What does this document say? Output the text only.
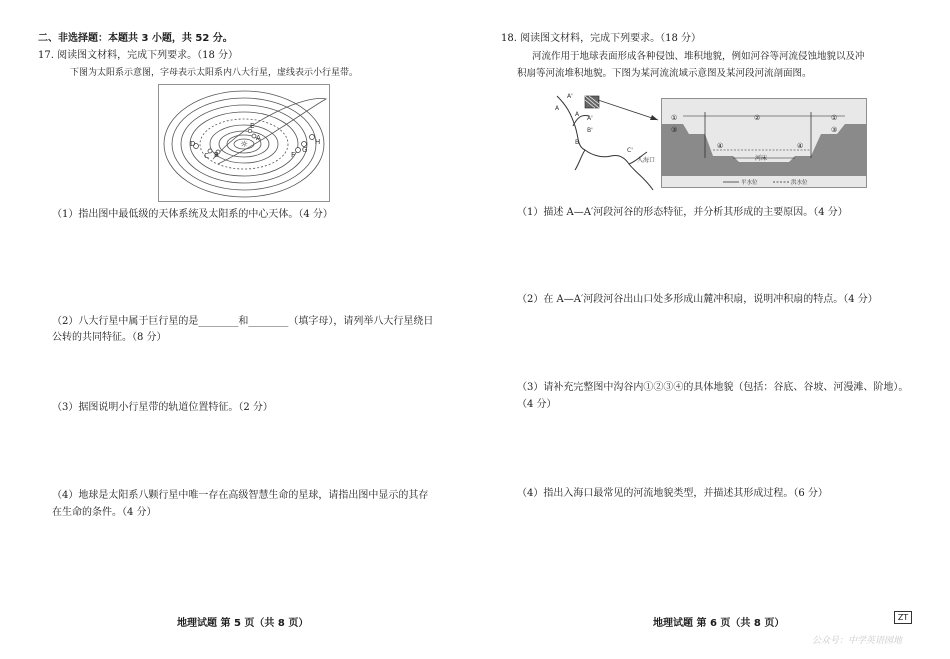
二、非选择题：本题共 3 小题，共 52 分。
17. 阅读图文材料，完成下列要求。（18 分）
下图为太阳系示意图，字母表示太阳系内八大行星，虚线表示小行星带。
☼
A
B
C
D
E
F
G
H
（1）指出图中最低级的天体系统及太阳系的中心天体。（4 分）
（2）八大行星中属于巨行星的是________和________（填字母），请列举八大行星绕日
公转的共同特征。（8 分）
（3）据图说明小行星带的轨道位置特征。（2 分）
（4）地球是太阳系八颗行星中唯一存在高级智慧生命的星球，请指出图中显示的其存
在生命的条件。（4 分）
地理试题 第 5 页（共 8 页）
18. 阅读图文材料，完成下列要求。（18 分）
河流作用于地球表面形成各种侵蚀、堆积地貌，例如河谷等河流侵蚀地貌以及冲
积扇等河流堆积地貌。下图为某河流流域示意图及某河段河流剖面图。
A'
A
A
A'
B'
B
C'
入海口
①	②	①
③	③
④	④
河床
平水位	洪水位
（1）描述 A—A′河段河谷的形态特征，并分析其形成的主要原因。（4 分）
（2）在 A—A′河段河谷出山口处多形成山麓冲积扇，说明冲积扇的特点。（4 分）
（3）请补充完整图中沟谷内①②③④的具体地貌（包括：谷底、谷坡、河漫滩、阶地）。
（4 分）
（4）指出入海口最常见的河流地貌类型，并描述其形成过程。（6 分）
地理试题 第 6 页（共 8 页）
ZT
公众号：中学英语园地
